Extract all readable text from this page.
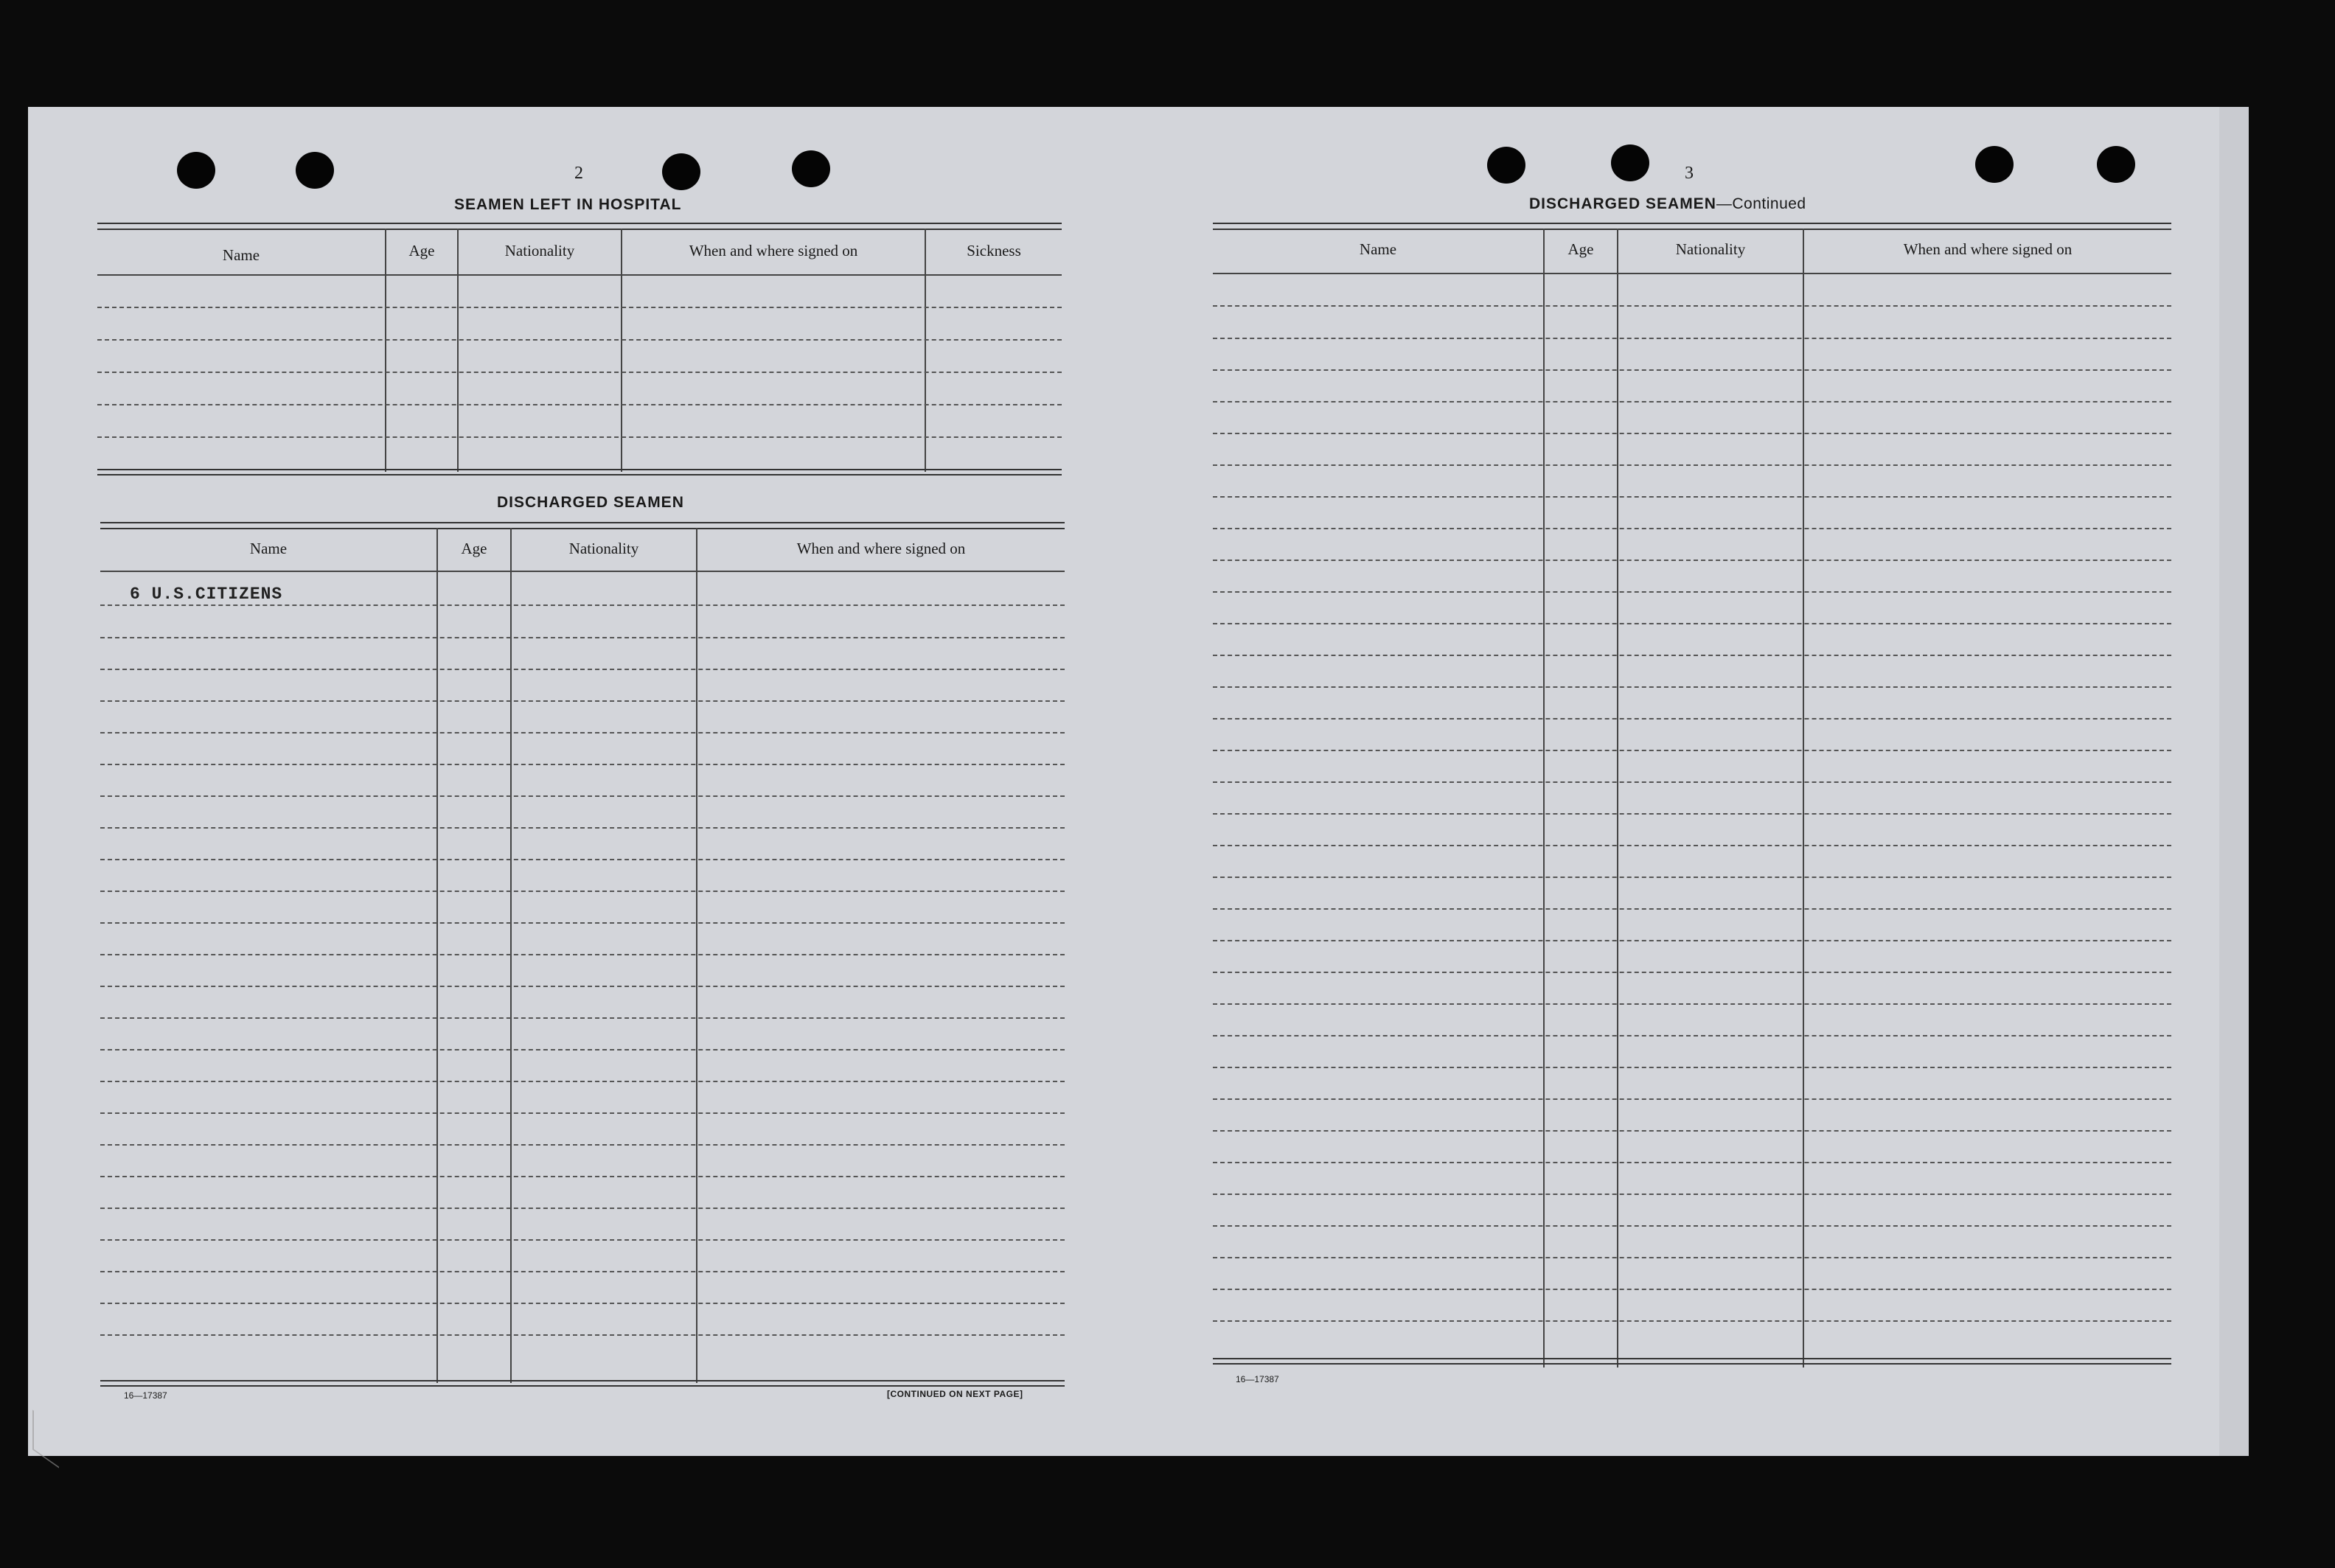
2
SEAMEN LEFT IN HOSPITAL
Name	Age	Nationality	When and where signed on	Sickness
DISCHARGED SEAMEN
Name	Age	Nationality	When and where signed on
6 U.S.CITIZENS
16—17387	[CONTINUED ON NEXT PAGE]
3
DISCHARGED SEAMEN—Continued
Name	Age	Nationality	When and where signed on
16—17387
